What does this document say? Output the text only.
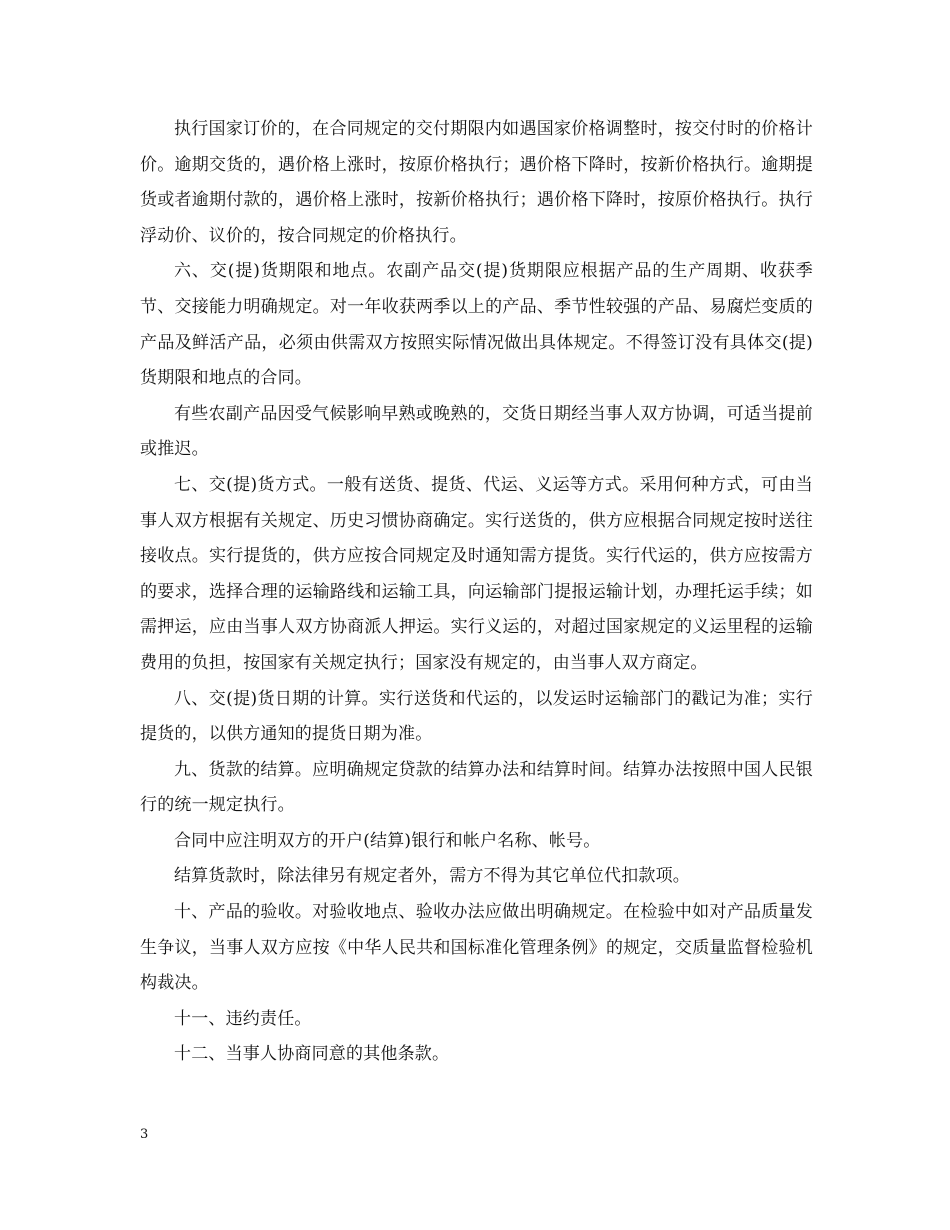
执行国家订价的，在合同规定的交付期限内如遇国家价格调整时，按交付时的价格计价。逾期交货的，遇价格上涨时，按原价格执行；遇价格下降时，按新价格执行。逾期提货或者逾期付款的，遇价格上涨时，按新价格执行；遇价格下降时，按原价格执行。执行浮动价、议价的，按合同规定的价格执行。

六、交(提)货期限和地点。农副产品交(提)货期限应根据产品的生产周期、收获季节、交接能力明确规定。对一年收获两季以上的产品、季节性较强的产品、易腐烂变质的产品及鲜活产品，必须由供需双方按照实际情况做出具体规定。不得签订没有具体交(提)货期限和地点的合同。

有些农副产品因受气候影响早熟或晚熟的，交货日期经当事人双方协调，可适当提前或推迟。

七、交(提)货方式。一般有送货、提货、代运、义运等方式。采用何种方式，可由当事人双方根据有关规定、历史习惯协商确定。实行送货的，供方应根据合同规定按时送往接收点。实行提货的，供方应按合同规定及时通知需方提货。实行代运的，供方应按需方的要求，选择合理的运输路线和运输工具，向运输部门提报运输计划，办理托运手续；如需押运，应由当事人双方协商派人押运。实行义运的，对超过国家规定的义运里程的运输费用的负担，按国家有关规定执行；国家没有规定的，由当事人双方商定。

八、交(提)货日期的计算。实行送货和代运的，以发运时运输部门的戳记为准；实行提货的，以供方通知的提货日期为准。

九、货款的结算。应明确规定贷款的结算办法和结算时间。结算办法按照中国人民银行的统一规定执行。

合同中应注明双方的开户(结算)银行和帐户名称、帐号。

结算货款时，除法律另有规定者外，需方不得为其它单位代扣款项。

十、产品的验收。对验收地点、验收办法应做出明确规定。在检验中如对产品质量发生争议，当事人双方应按《中华人民共和国标准化管理条例》的规定，交质量监督检验机构裁决。

十一、违约责任。

十二、当事人协商同意的其他条款。

3
